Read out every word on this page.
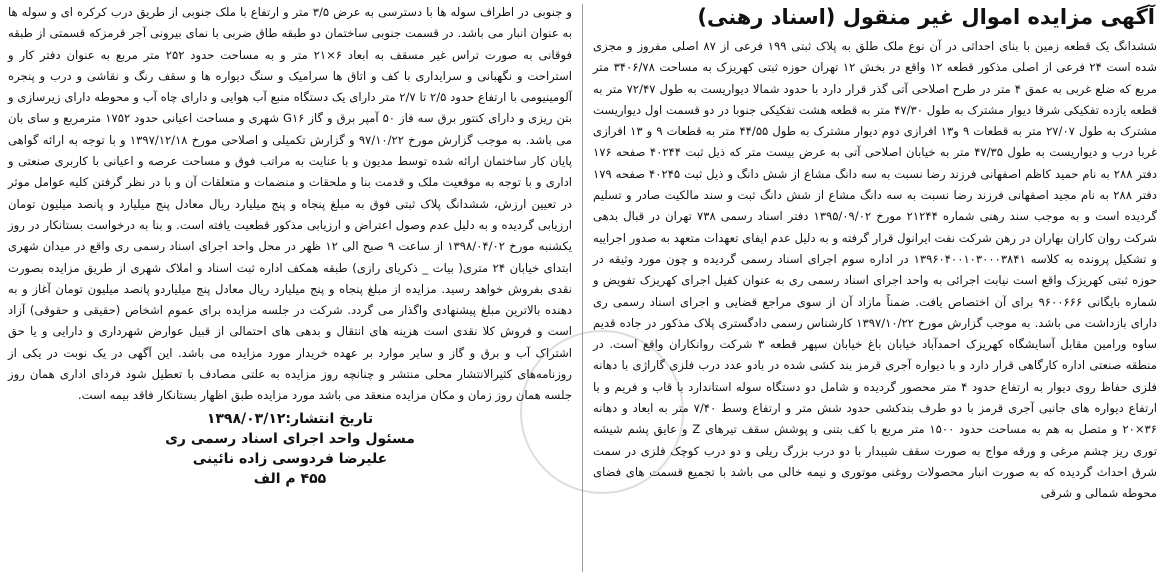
آگهی مزایده اموال غیر منقول (اسناد رهنی)
ششدانگ یک قطعه زمین با بنای احداثی در آن نوع ملک طلق به پلاک ثبتی ۱۹۹ فرعی از ۸۷ اصلی مفروز و مجزی شده است ۲۴ فرعی از اصلی مذکور قطعه ۱۲ واقع در بخش ۱۲ تهران حوزه ثبتی کهریزک به مساحت ۳۴۰۶/۷۸ متر مربع که ضلع غربی به عمق ۴ متر در طرح اصلاحی آتی گذر قرار دارد با حدود شمالا دیواریست به طول ۷۲/۴۷ متر به قطعه یازده تفکیکی شرقا دیوار مشترک به طول ۴۷/۳۰ متر به قطعه هشت تفکیکی جنوبا در دو قسمت اول دیواریست مشترک به طول ۲۷/۰۷ متر به قطعات ۹ و۱۳ افرازی دوم دیوار مشترک به طول ۴۴/۵۵ متر به قطعات ۹ و ۱۳ افرازی غربا درب و دیواریست به طول ۴۷/۳۵ متر به خیابان اصلاحی آتی به عرض بیست متر که ذیل ثبت ۴۰۲۴۴ صفحه ۱۷۶ دفتر ۲۸۸ به نام حمید کاظم اصفهانی فرزند رضا نسبت به سه دانگ مشاع از شش دانگ و ذیل ثبت ۴۰۲۴۵ صفحه ۱۷۹ دفتر ۲۸۸ به نام مجید اصفهانی فرزند رضا نسبت به سه دانگ مشاع از شش دانگ ثبت و سند مالکیت صادر و تسلیم گردیده است و به موجب سند رهنی شماره ۲۱۲۴۴ مورخ ۱۳۹۵/۰۹/۰۲ دفتر اسناد رسمی ۷۳۸ تهران در قبال بدهی شرکت روان کاران بهاران در رهن شرکت نفت ایرانول قرار گرفته و به دلیل عدم ایفای تعهدات متعهد به صدور اجراییه و تشکیل پرونده به کلاسه ۱۳۹۶۰۴۰۰۱۰۳۰۰۰۳۸۴۱ در اداره سوم اجرای اسناد رسمی گردیده و چون مورد وثیقه در حوزه ثبتی کهریزک واقع است نیابت اجرائی به واحد اجرای اسناد رسمی ری به عنوان کفیل اجرای کهریزک تفویض و شماره بایگانی ۹۶۰۰۶۶۶ برای آن اختصاص یافت. ضمناً مازاد آن از سوی مراجع قضایی و اجرای اسناد رسمی ری دارای بازداشت می باشد. به موجب گزارش مورخ ۱۳۹۷/۱۰/۲۲ کارشناس رسمی دادگستری پلاک مذکور در جاده قدیم ساوه ورامین مقابل آسایشگاه کهریزک احمدآباد خیابان باغ خیابان سپهر قطعه ۳ شرکت روانکاران واقع است. در منطقه صنعتی اداره کارگاهی قرار دارد و با دیواره آجری قرمز بند کشی شده در بادو عدد درب فلزی گاراژی با دهانه فلزی حفاظ روی دیوار به ارتفاع حدود ۴ متر محصور گردیده و شامل دو دستگاه سوله استاندارد با قاب و فریم و با ارتفاع دیواره های جانبی آجری قرمز با دو طرف بندکشی حدود شش متر و ارتفاع وسط ۷/۴۰ متر به ابعاد و دهانه ۳۶×۲۰ و متصل به هم به مساحت حدود ۱۵۰۰ متر مربع با کف بتنی و پوشش سقف تیرهای Z و عایق پشم شیشه توری ریز چشم مرغی و ورقه مواج به صورت سقف شیبدار با دو درب بزرگ ریلی و دو درب کوچک فلزی در سمت شرق احداث گردیده که به صورت انبار محصولات روغنی موتوری و نیمه خالی می باشد با تجمیع قسمت های فضای محوطه شمالی و شرقی
و جنوبی در اطراف سوله ها با دسترسی به عرض ۳/۵ متر و ارتفاع با ملک جنوبی از طریق درب کرکره ای و سوله ها به عنوان انبار می باشد. در قسمت جنوبی ساختمان دو طبقه طاق ضربی با نمای بیرونی آجر قرمزکه قسمتی از طبقه فوقانی به صورت تراس غیر مسقف به ابعاد ۶×۲۱ متر و به مساحت حدود ۲۵۲ متر مربع به عنوان دفتر کار و استراحت و نگهبانی و سرایداری با کف و اتاق ها سرامیک و سنگ دیواره ها و سقف رنگ و نقاشی و درب و پنجره آلومینیومی با ارتفاع حدود ۲/۵ تا ۲/۷ متر دارای یک دستگاه منبع آب هوایی و دارای چاه آب و محوطه دارای زیرسازی و بتن ریزی و دارای کنتور برق سه فاز ۵۰ آمپر برق و گاز G۱۶ شهری و مساحت اعیانی حدود ۱۷۵۲ مترمربع و سای بان می باشد. به موجب گزارش مورخ ۹۷/۱۰/۲۲ و گزارش تکمیلی و اصلاحی مورخ ۱۳۹۷/۱۲/۱۸ و با توجه به ارائه گواهی پایان کار ساختمان ارائه شده توسط مدیون و با عنایت به مراتب فوق و مساحت عرصه و اعیانی با کاربری صنعتی و اداری و با توجه به موقعیت ملک و قدمت بنا و ملحقات و منضمات و متعلقات آن و با در نظر گرفتن کلیه عوامل موثر در تعیین ارزش، ششدانگ پلاک ثبتی فوق به مبلغ پنجاه و پنج میلیارد ریال معادل پنج میلیارد و پانصد میلیون تومان ارزیابی گردیده و به دلیل عدم وصول اعتراض و ارزیابی مذکور قطعیت یافته است. و بنا به درخواست بستانکار در روز یکشنبه مورخ ۱۳۹۸/۰۴/۰۲ از ساعت ۹ صبح الی ۱۲ ظهر در محل واحد اجرای اسناد رسمی ری واقع در میدان شهری ابتدای خیابان ۲۴ متری( بیات _ ذکریای رازی) طبقه همکف اداره ثبت اسناد و املاک شهری از طریق مزایده بصورت نقدی بفروش خواهد رسید. مزایده از مبلغ پنجاه و پنج میلیارد ریال معادل پنج میلیاردو پانصد میلیون تومان آغاز و به دهنده بالاترین مبلغ پیشنهادی واگذار می گردد. شرکت در جلسه مزایده برای عموم اشخاص (حقیقی و حقوقی) آزاد است و فروش کلا نقدی است هزینه های انتقال و بدهی های احتمالی از قبیل عوارض شهرداری و دارایی و یا حق اشتراک آب و برق و گاز و سایر موارد بر عهده خریدار مورد مزایده می باشد. این آگهی در یک نوبت در یکی از روزنامه‌های کثیرالانتشار محلی منتشر و چنانچه روز مزایده به علتی مصادف با تعطیل شود فردای اداری همان روز جلسه همان روز زمان و مکان مزایده منعقد می باشد مورد مزایده طبق اظهار بستانکار فاقد بیمه است.
تاریخ انتشار:۱۳۹۸/۰۳/۱۲
مسئول واحد اجرای اسناد رسمی ری
علیرضا فردوسی زاده نائینی
۴۵۵ م الف
